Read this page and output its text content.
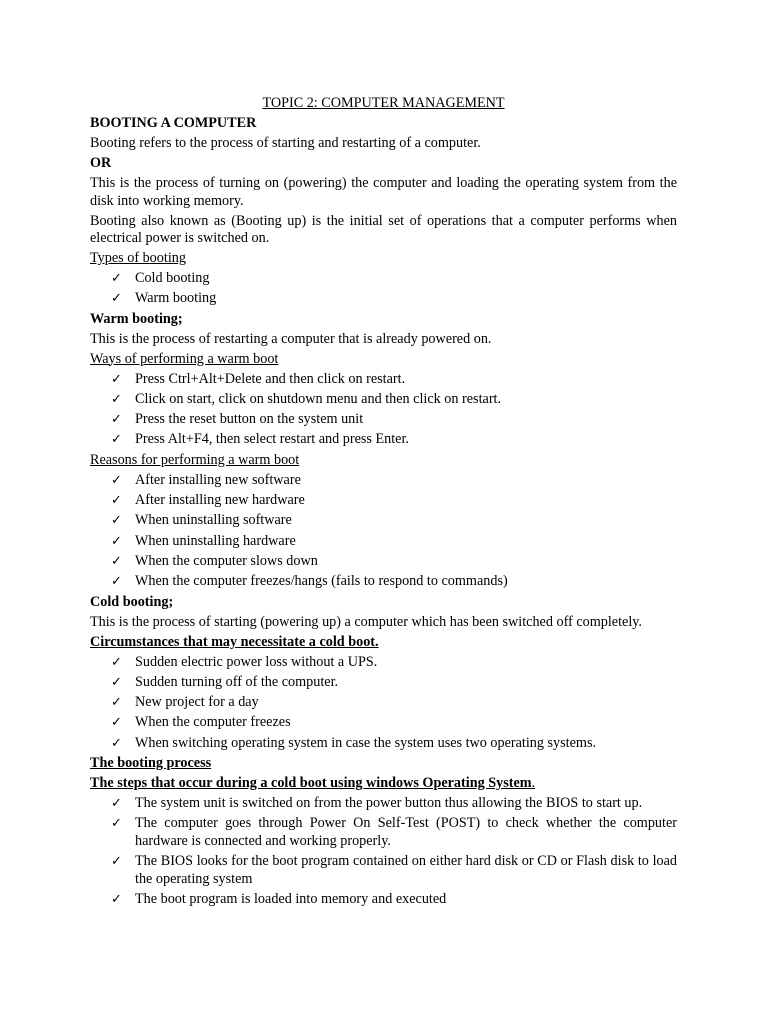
TOPIC 2: COMPUTER MANAGEMENT
BOOTING A COMPUTER
Booting refers to the process of starting and restarting of a computer.
OR
This is the process of turning on (powering) the computer and loading the operating system from the disk into working memory.
Booting also known as (Booting up) is the initial set of operations that a computer performs when electrical power is switched on.
Types of booting
✓ Cold booting
✓ Warm booting
Warm booting;
This is the process of restarting a computer that is already powered on.
Ways of performing a warm boot
✓ Press Ctrl+Alt+Delete and then click on restart.
✓ Click on start, click on shutdown menu and then click on restart.
✓ Press the reset button on the system unit
✓ Press Alt+F4, then select restart and press Enter.
Reasons for performing a warm boot
✓ After installing new software
✓ After installing new hardware
✓ When uninstalling software
✓ When uninstalling hardware
✓ When the computer slows down
✓ When the computer freezes/hangs (fails to respond to commands)
Cold booting;
This is the process of starting (powering up) a computer which has been switched off completely.
Circumstances that may necessitate a cold boot.
✓ Sudden electric power loss without a UPS.
✓ Sudden turning off of the computer.
✓ New project for a day
✓ When the computer freezes
✓ When switching operating system in case the system uses two operating systems.
The booting process
The steps that occur during a cold boot using windows Operating System.
✓ The system unit is switched on from the power button thus allowing the BIOS to start up.
✓ The computer goes through Power On Self-Test (POST) to check whether the computer hardware is connected and working properly.
✓ The BIOS looks for the boot program contained on either hard disk or CD or Flash disk to load the operating system
✓ The boot program is loaded into memory and executed
